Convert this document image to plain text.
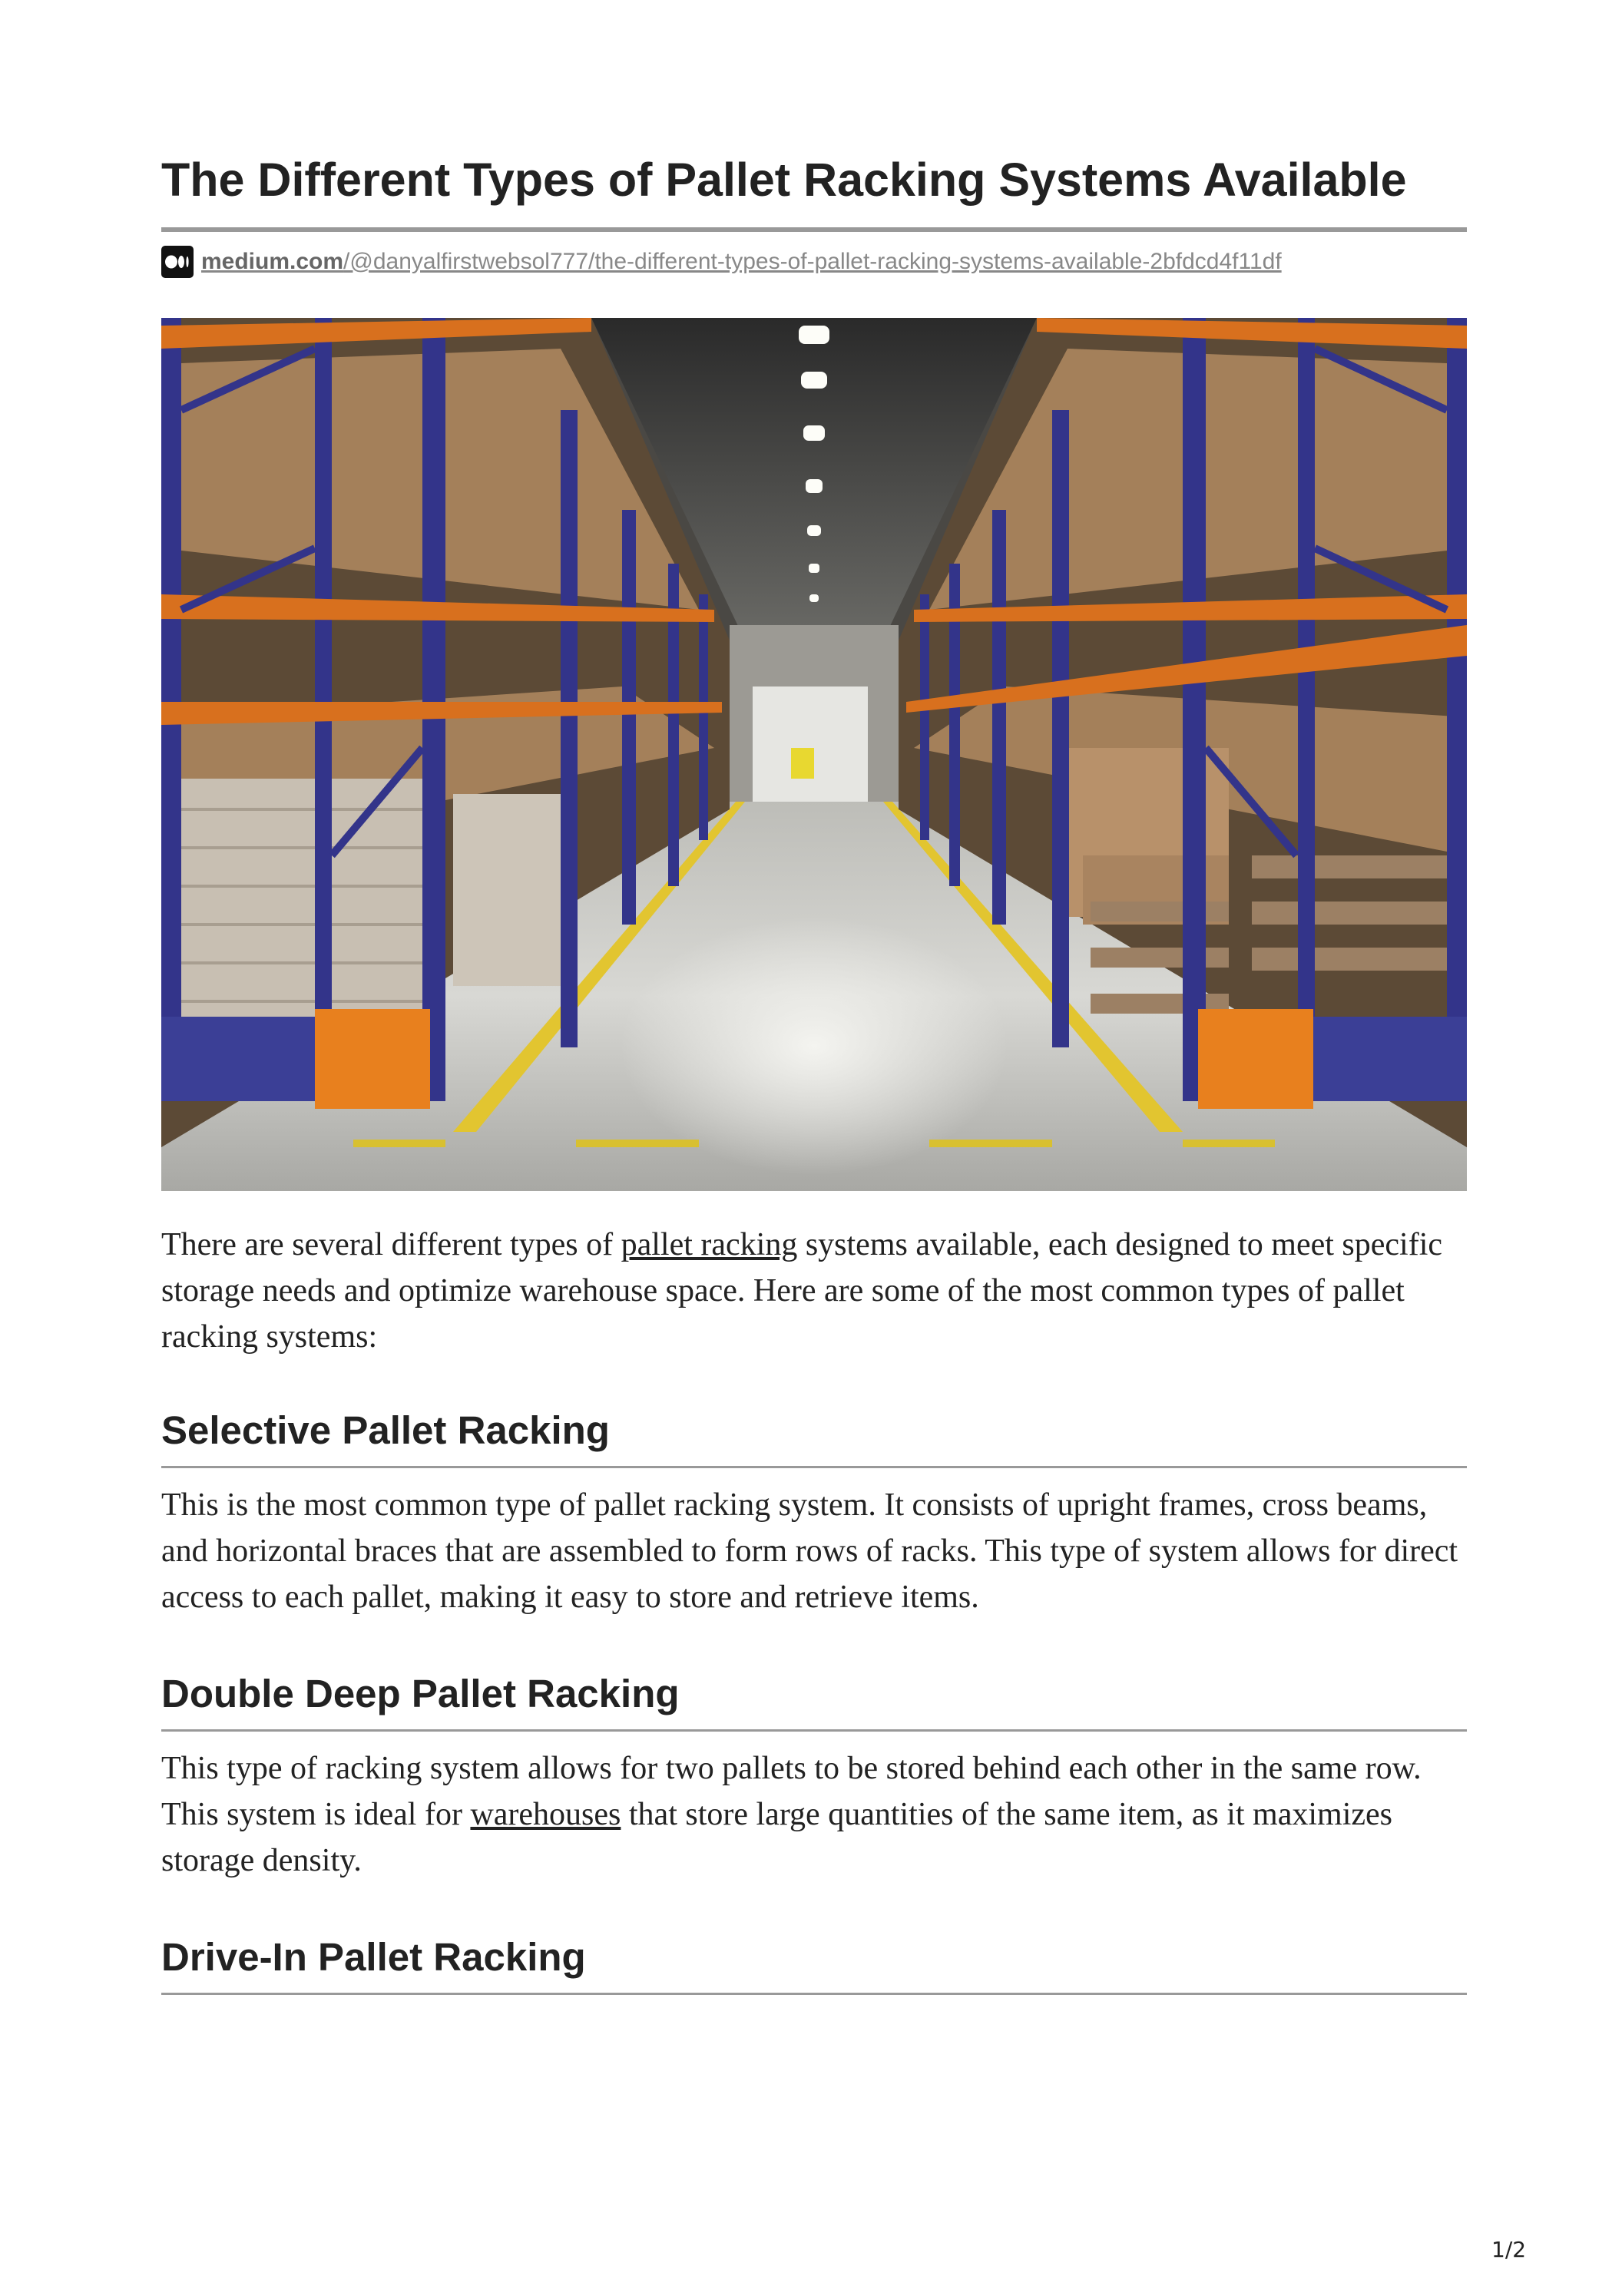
The Different Types of Pallet Racking Systems Available
medium.com/@danyalfirstwebsol777/the-different-types-of-pallet-racking-systems-available-2bfdcd4f11df

There are several different types of pallet racking systems available, each designed to meet specific storage needs and optimize warehouse space. Here are some of the most common types of pallet racking systems:

Selective Pallet Racking

This is the most common type of pallet racking system. It consists of upright frames, cross beams, and horizontal braces that are assembled to form rows of racks. This type of system allows for direct access to each pallet, making it easy to store and retrieve items.

Double Deep Pallet Racking

This type of racking system allows for two pallets to be stored behind each other in the same row. This system is ideal for warehouses that store large quantities of the same item, as it maximizes storage density.

Drive-In Pallet Racking
1/2
